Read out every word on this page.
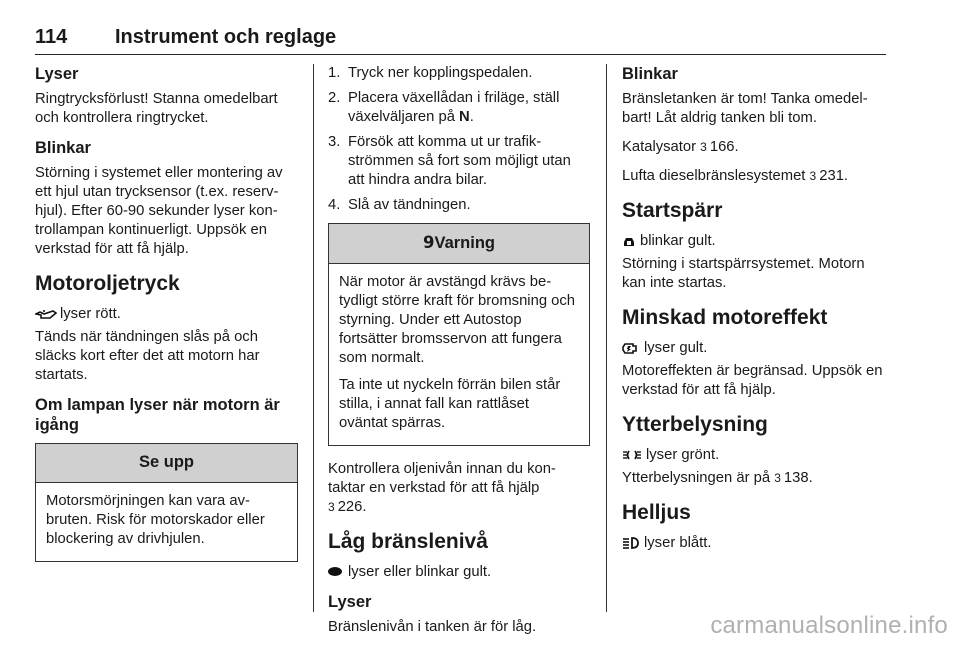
114 Instrument och reglage
Lyser
Ringtrycksförlust! Stanna omedelbart och kontrollera ringtrycket.
Blinkar
Störning i systemet eller montering av ett hjul utan trycksensor (t.ex. reserv-hjul). Efter 60-90 sekunder lyser kon-trollampan kontinuerligt. Uppsök en verkstad för att få hjälp.
Motoroljetryck
lyser rött.
Tänds när tändningen slås på och släcks kort efter det att motorn har startats.
Om lampan lyser när motorn är igång
Se upp
Motorsmörjningen kan vara av-bruten. Risk för motorskador eller blockering av drivhjulen.
1. Tryck ner kopplingspedalen.
2. Placera växellådan i friläge, ställ växelväljaren på N.
3. Försök att komma ut ur trafik-strömmen så fort som möjligt utan att hindra andra bilar.
4. Slå av tändningen.
9Varning
När motor är avstängd krävs be-tydligt större kraft för bromsning och styrning. Under ett Autostop fortsätter bromsservon att fungera som normalt.
Ta inte ut nyckeln förrän bilen står stilla, i annat fall kan rattlåset oväntat spärras.
Kontrollera oljenivån innan du kon-taktar en verkstad för att få hjälp
3 226.
Låg bränslenivå
lyser eller blinkar gult.
Lyser
Bränslenivån i tanken är för låg.
Blinkar
Bränsletanken är tom! Tanka omedel-bart! Låt aldrig tanken bli tom.
Katalysator 3 166.
Lufta dieselbränslesystemet 3 231.
Startspärr
blinkar gult.
Störning i startspärrsystemet. Motorn kan inte startas.
Minskad motoreffekt
lyser gult.
Motoreffekten är begränsad. Uppsök en verkstad för att få hjälp.
Ytterbelysning
lyser grönt.
Ytterbelysningen är på 3 138.
Helljus
lyser blått.
carmanualsonline.info
